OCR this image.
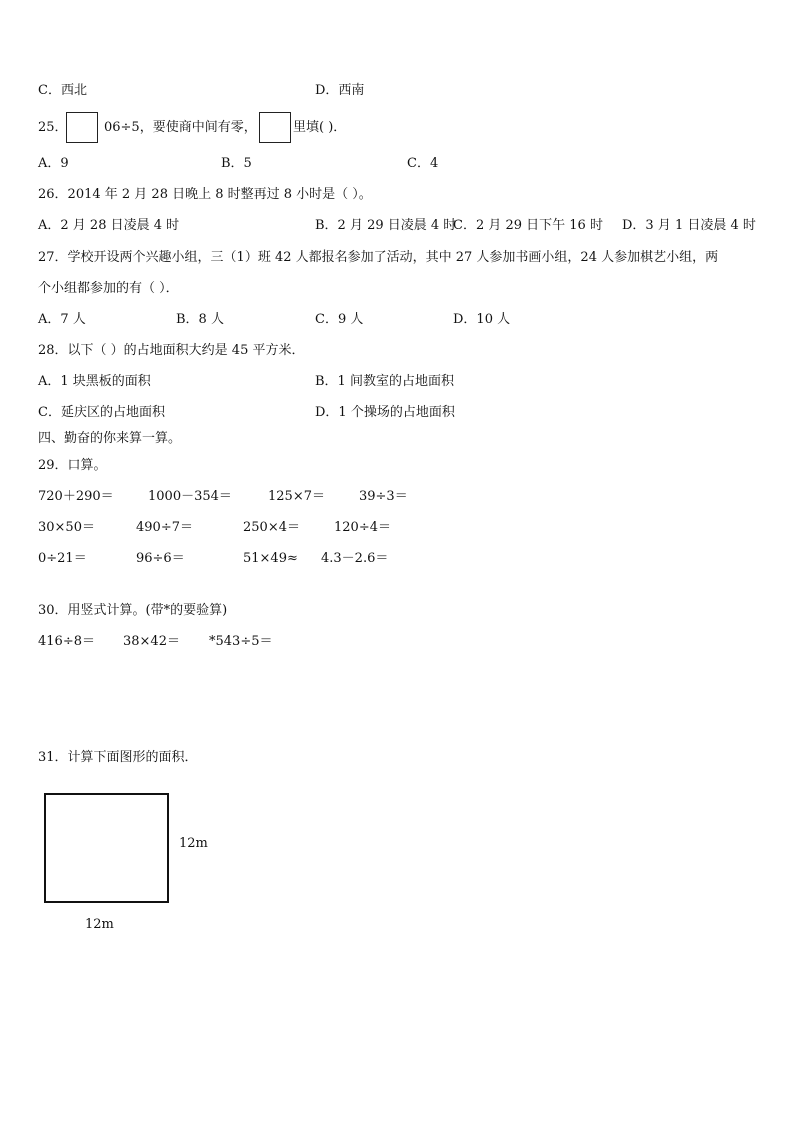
C．西北	D．西南
25．	06÷5，要使商中间有零，	里填( )．
A．9	B．5	C．4
26．2014 年 2 月 28 日晚上 8 时整再过 8 小时是（ ）。
A．2 月 28 日凌晨 4 时	B．2 月 29 日凌晨 4 时
C．2 月 29 日下午 16 时 D．3 月 1 日凌晨 4 时
27．学校开设两个兴趣小组，三（1）班 42 人都报名参加了活动，其中 27 人参加书画小组，24 人参加棋艺小组，两
个小组都参加的有（ ）．
A．7 人	B．8 人	C．9 人	D．10 人
28．以下（ ）的占地面积大约是 45 平方米．
A．1 块黑板的面积	B．1 间教室的占地面积
C．延庆区的占地面积	D．1 个操场的占地面积
四、勤奋的你来算一算。
29．口算。
720＋290＝	1000－354＝	125×7＝	39÷3＝
30×50＝	490÷7＝	250×4＝	120÷4＝
0÷21＝	96÷6＝	51×49≈ 4.3－2.6＝
30．用竖式计算。(带*的要验算)
416÷8＝ 38×42＝ *543÷5＝
31．计算下面图形的面积．
12m
12m
